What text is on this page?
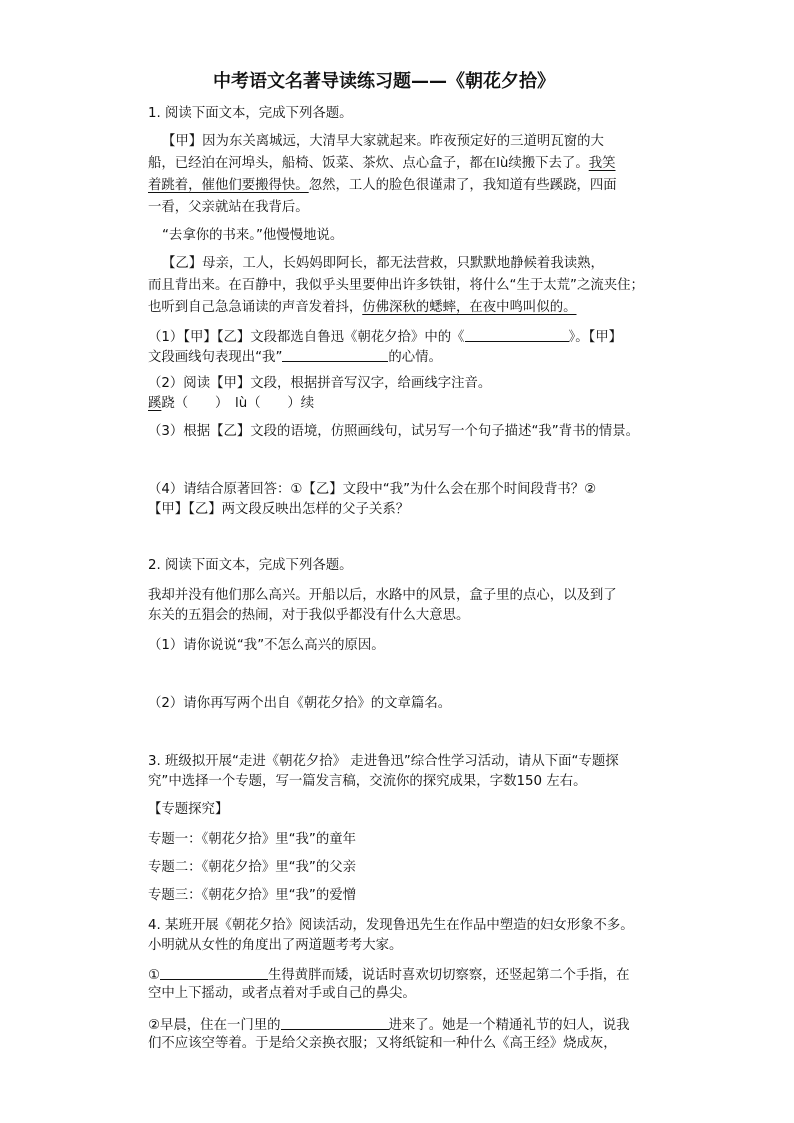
中考语文名著导读练习题——《朝花夕拾》
1. 阅读下面文本，完成下列各题。
【甲】因为东关离城远，大清早大家就起来。昨夜预定好的三道明瓦窗的大
船，已经泊在河埠头，船椅、饭菜、茶炊、点心盒子，都在lù续搬下去了。我笑
着跳着，催他们要搬得快。忽然，工人的脸色很谨肃了，我知道有些蹊跷，四面
一看，父亲就站在我背后。
“去拿你的书来。”他慢慢地说。
【乙】母亲，工人，长妈妈即阿长，都无法营救，只默默地静候着我读熟，
而且背出来。在百静中，我似乎头里要伸出许多铁钳，将什么“生于太荒”之流夹住；
也听到自己急急诵读的声音发着抖，仿佛深秋的蟋蟀，在夜中鸣叫似的。
（1）【甲】【乙】文段都选自鲁迅《朝花夕拾》中的《	》。【甲】
文段画线句表现出“我”	的心情。
（2）阅读【甲】文段，根据拼音写汉字，给画线字注音。
蹊跷（　　）　lù（　　）续
（3）根据【乙】文段的语境，仿照画线句，试另写一个句子描述“我”背书的情景。
（4）请结合原著回答：①【乙】文段中“我”为什么会在那个时间段背书？②
【甲】【乙】两文段反映出怎样的父子关系？
2. 阅读下面文本，完成下列各题。
我却并没有他们那么高兴。开船以后，水路中的风景，盒子里的点心，以及到了
东关的五猖会的热闹，对于我似乎都没有什么大意思。
（1）请你说说“我”不怎么高兴的原因。
（2）请你再写两个出自《朝花夕拾》的文章篇名。
3. 班级拟开展“走进《朝花夕拾》 走进鲁迅”综合性学习活动，请从下面“专题探
究”中选择一个专题，写一篇发言稿，交流你的探究成果，字数150 左右。
【专题探究】
专题一：《朝花夕拾》里“我”的童年
专题二：《朝花夕拾》里“我”的父亲
专题三：《朝花夕拾》里“我”的爱憎
4. 某班开展《朝花夕拾》阅读活动，发现鲁迅先生在作品中塑造的妇女形象不多。
小明就从女性的角度出了两道题考考大家。
①	生得黄胖而矮，说话时喜欢切切察察，还竖起第二个手指，在
空中上下摇动，或者点着对手或自己的鼻尖。
②早晨，住在一门里的	进来了。她是一个精通礼节的妇人，说我
们不应该空等着。于是给父亲换衣服；又将纸锭和一种什么《高王经》烧成灰，
